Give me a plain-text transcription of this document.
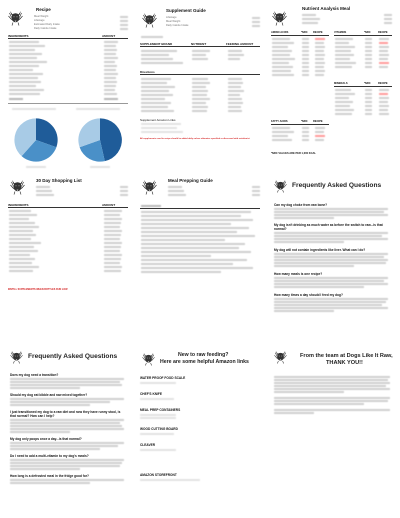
Recipe
Meal Weight
Lifestage
Estimated Daily Intake
Daily Calorie Intake
INGREDIENTS	AMOUNT
Supplement Guide
Lifestage
Meal Weight
Daily Calorie Intake
SUPPLEMENT BRAND	NUTRIENT	FEEDING AMOUNT
Directions
Supplement Amazon Links
All supplements used in recipe should be added daily unless otherwise specified or discussed with nutritionist
Nutrient Analysis Meal
AMINO ACIDS	*NRC RECIPE	VITAMINS	*NRC	RECIPE
MINERALS	*NRC	RECIPE
FATTY ACIDS	*NRC RECIPE
*NRC VALUES ARE PER 1,000 KCAL
30 Day Shopping List
INGREDIENTS	AMOUNT
INSTILL SUPPLEMENTS WHEN BOTTLES RUN LOW
Meal Prepping Guide
Frequently Asked Questions
Can my dog choke from raw bone?
My dog isn't drinking as much water as before the switch to raw...is that normal?
My dog will not contain ingredients like liver. What can I do?
How many meals is one recipe?
How many times a day should I feed my dog?
Frequently Asked Questions
Does my dog need a transition?
Should my dog eat kibble and raw mixed together?
I just transitioned my dog to a raw diet and now they have runny stool, is that normal? How can I help?
My dog only poops once a day...is that normal?
Do I need to add a multi-vitamin to my dog's meals?
How long is a defrosted meal in the fridge good for?
New to raw feeding?
Here are some helpful Amazon links
WATER PROOF FOOD SCALE
CHEF'S KNIFE
MEAL PREP CONTAINERS
WOOD CUTTING BOARD
CLEAVER
AMAZON STOREFRONT
From the team at Dogs Like It Raw,
THANK YOU!!
